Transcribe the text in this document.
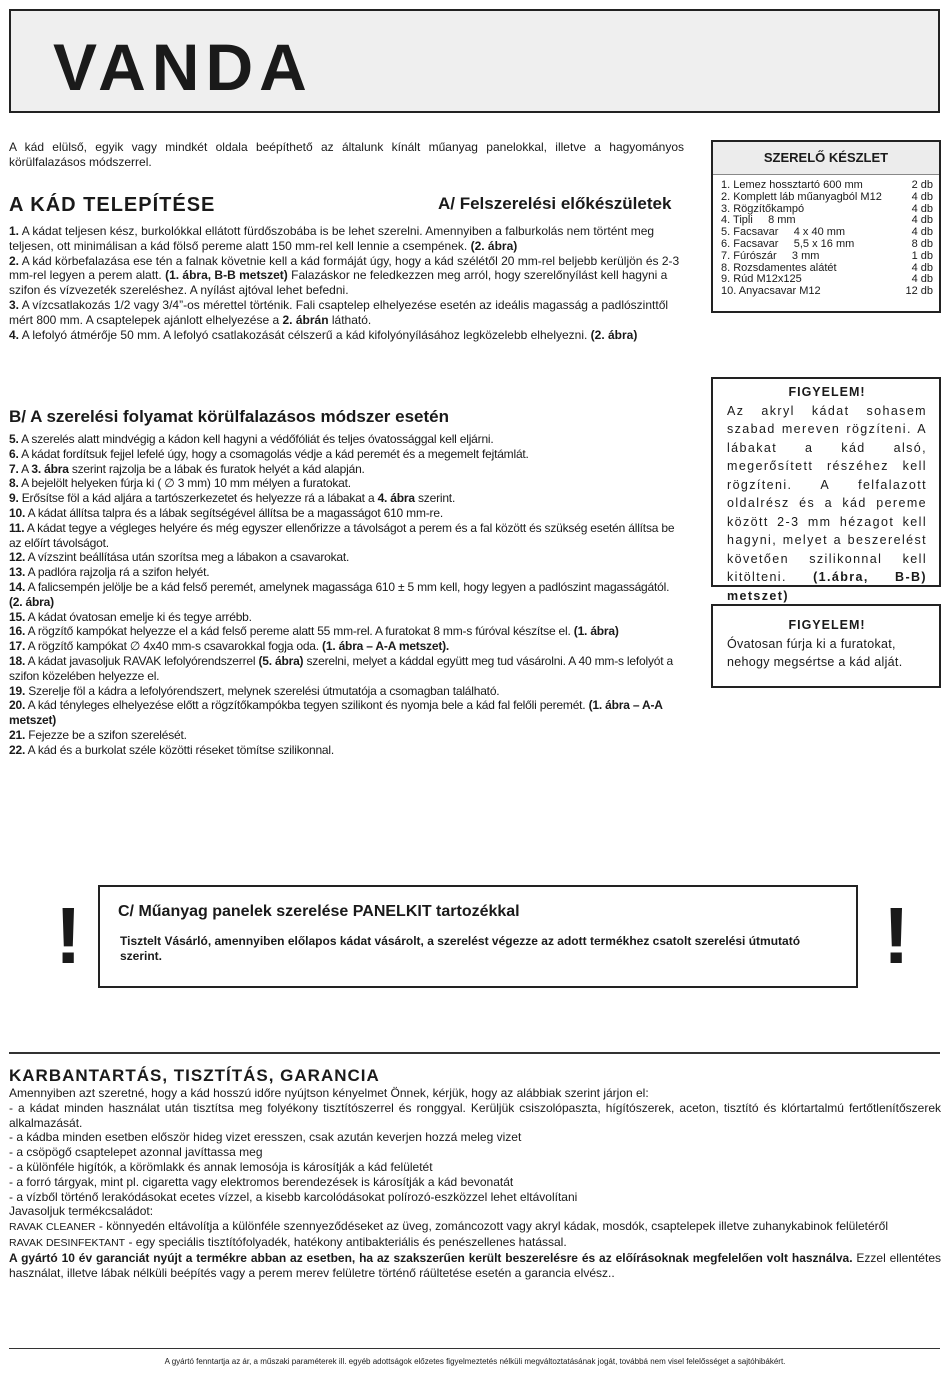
VANDA

A kád elülső, egyik vagy mindkét oldala beépíthető az általunk kínált műanyag panelokkal, illetve a hagyományos körülfalazásos módszerrel.

A KÁD TELEPÍTÉSE	A/ Felszerelési előkészületek

1. A kádat teljesen kész, burkolókkal ellátott fürdőszobába is be lehet szerelni. Amennyiben a falburkolás nem történt meg teljesen, ott minimálisan a kád fölső pereme alatt 150 mm-rel kell lennie a csempének. (2. ábra)

2. A kád körbefalazása ese tén a falnak követnie kell a kád formáját úgy, hogy a kád szélétől 20 mm-rel beljebb kerüljön és 2-3 mm-rel legyen a perem alatt. (1. ábra, B-B metszet) Falazáskor ne feledkezzen meg arról, hogy szerelőnyílást kell hagyni a szifon és vízvezeték szereléshez. A nyílást ajtóval lehet befedni.

3. A vízcsatlakozás 1/2 vagy 3/4”-os mérettel történik. Fali csaptelep elhelyezése esetén az ideális magasság a padlószinttől mért 800 mm. A csaptelepek ajánlott elhelyezése a 2. ábrán látható.

4. A lefolyó átmérője 50 mm. A lefolyó csatlakozását célszerű a kád kifolyónyílásához legközelebb elhelyezni. (2. ábra)

SZERELŐ KÉSZLET
1. Lemez hosszt​artó 600 mm	2 db
2. Komplett láb műanyagból M12	4 db
3. Rögzítőkampó	4 db
4. Tipli     8 mm	4 db
5. Facsavar     4 x 40 mm	4 db
6. Facsavar     5,5 x 16 mm	8 db
7. Fúrószár     3 mm	1 db
8. Rozsdamentes alátét	4 db
9. Rúd M12x125	4 db
10. Anyacsavar M12	12 db
FIGYELEM!
Az akryl kádat sohasem szabad mereven rögzíteni. A lábakat a kád alsó, megerősített részéhez kell rögzíteni. A felfalazott oldalrész és a kád pereme között 2-3 mm hézagot kell hagyni, melyet a beszerelést követően szilikonnal kell kitölteni. (1.ábra, B-B) metszet)
FIGYELEM!
Óvatosan fúrja ki a furatokat, nehogy megsértse a kád alját.
B/ A szerelési folyamat körülfalazásos módszer esetén

5. A szerelés alatt mindvégig a kádon kell hagyni a védőfóliát és teljes óvatossággal kell eljárni.

6. A kádat fordítsuk fejjel lefelé úgy, hogy a csomagolás védje a kád peremét és a megemelt fejtámlát.

7. A 3. ábra szerint rajzolja be a lábak és furatok helyét a kád alapján.

8. A bejelölt helyeken fúrja ki ( ∅ 3 mm) 10 mm mélyen a furatokat.

9. Erősítse föl a kád aljára a tartószerkezetet és helyezze rá a lábakat a 4. ábra szerint.

10. A kádat állítsa talpra és a lábak segítségével állítsa be a magasságot 610 mm-re.

11. A kádat tegye a végleges helyére és még egyszer ellenőrizze a távolságot a perem és a fal között és szükség esetén állítsa be az előírt távolságot.

12. A vízszint beállítása után szorítsa meg a lábakon a csavarokat.

13. A padlóra rajzolja rá a szifon helyét.

14. A falicsempén jelölje be a kád felső peremét, amelynek magassága 610 ± 5 mm kell, hogy legyen a padlószint magasságától. (2. ábra)

15. A kádat óvatosan emelje ki és tegye arrébb.

16. A rögzítő kampókat helyezze el a kád felső pereme alatt 55 mm-rel. A furatokat 8 mm-s fúróval készítse el. (1. ábra)

17. A rögzítő kampókat ∅ 4x40 mm-s csavarokkal fogja oda. (1. ábra – A-A metszet).

18. A kádat javasoljuk RAVAK lefolyórendszerrel (5. ábra) szerelni, melyet a káddal együtt meg tud vásárolni. A 40 mm-s lefolyót a szifon közelében helyezze el.

19. Szerelje föl a kádra a lefolyórendszert, melynek szerelési útmutatója a csomagban található.

20. A kád tényleges elhelyezése előtt a rögzítőkampókba tegyen szilikont és nyomja bele a kád fal felőli peremét. (1. ábra – A-A metszet)

21. Fejezze be a szifon szerelését.

22. A kád és a burkolat széle közötti réseket tömítse szilikonnal.

!	!
C/ Műanyag panelek szerelése PANELKIT tartozékkal
Tisztelt Vásárló, amennyiben előlapos kádat vásárolt, a szerelést végezze az adott termékhez csatolt szerelési útmutató szerint.
KARBANTARTÁS, TISZTÍTÁS, GARANCIA

Amennyiben azt szeretné, hogy a kád hosszú időre nyújtson kényelmet Önnek, kérjük, hogy az alábbiak szerint járjon el:

- a kádat minden használat után tisztítsa meg folyékony tisztítószerrel és ronggyal. Kerüljük csiszolópaszta, hígítószerek, aceton, tisztító és klórtartalmú fertőtlenítőszerek alkalmazását.

- a kádba minden esetben először hideg vizet eresszen, csak azután keverjen hozzá meleg vizet

- a csöpögő csaptelepet azonnal javíttassa meg

- a különféle higítók, a körömlakk és annak lemosója is károsítják a kád felületét

- a forró tárgyak, mint pl. cigaretta vagy elektromos berendezések is károsítják a kád bevonatát

- a vízből történő lerakódásokat ecetes vízzel, a kisebb karcolódásokat polírozó-eszközzel lehet eltávolítani

Javasoljuk termékcsaládot:

RAVAK CLEANER - könnyedén eltávolítja a különféle szennyeződéseket az üveg, zománcozott vagy akryl kádak, mosdók, csaptelepek illetve zuhanykabinok felületéről

RAVAK DESINFEKTANT - egy speciális tisztítófolyadék, hatékony antibakteriális és penészellenes hatással.

A gyártó 10 év garanciát nyújt a termékre abban az esetben, ha az szakszerűen került beszerelésre és az előírásoknak megfelelően volt használva. Ezzel ellentétes használat, illetve lábak nélküli beépítés vagy a perem merev felületre történő ráültetése esetén a garancia elvész..

A gyártó fenntartja az ár, a műszaki paraméterek ill. egyéb adottságok előzetes figyelmeztetés nélküli megváltoztatásának jogát, továbbá nem visel felelősséget a sajtóhibákért.
